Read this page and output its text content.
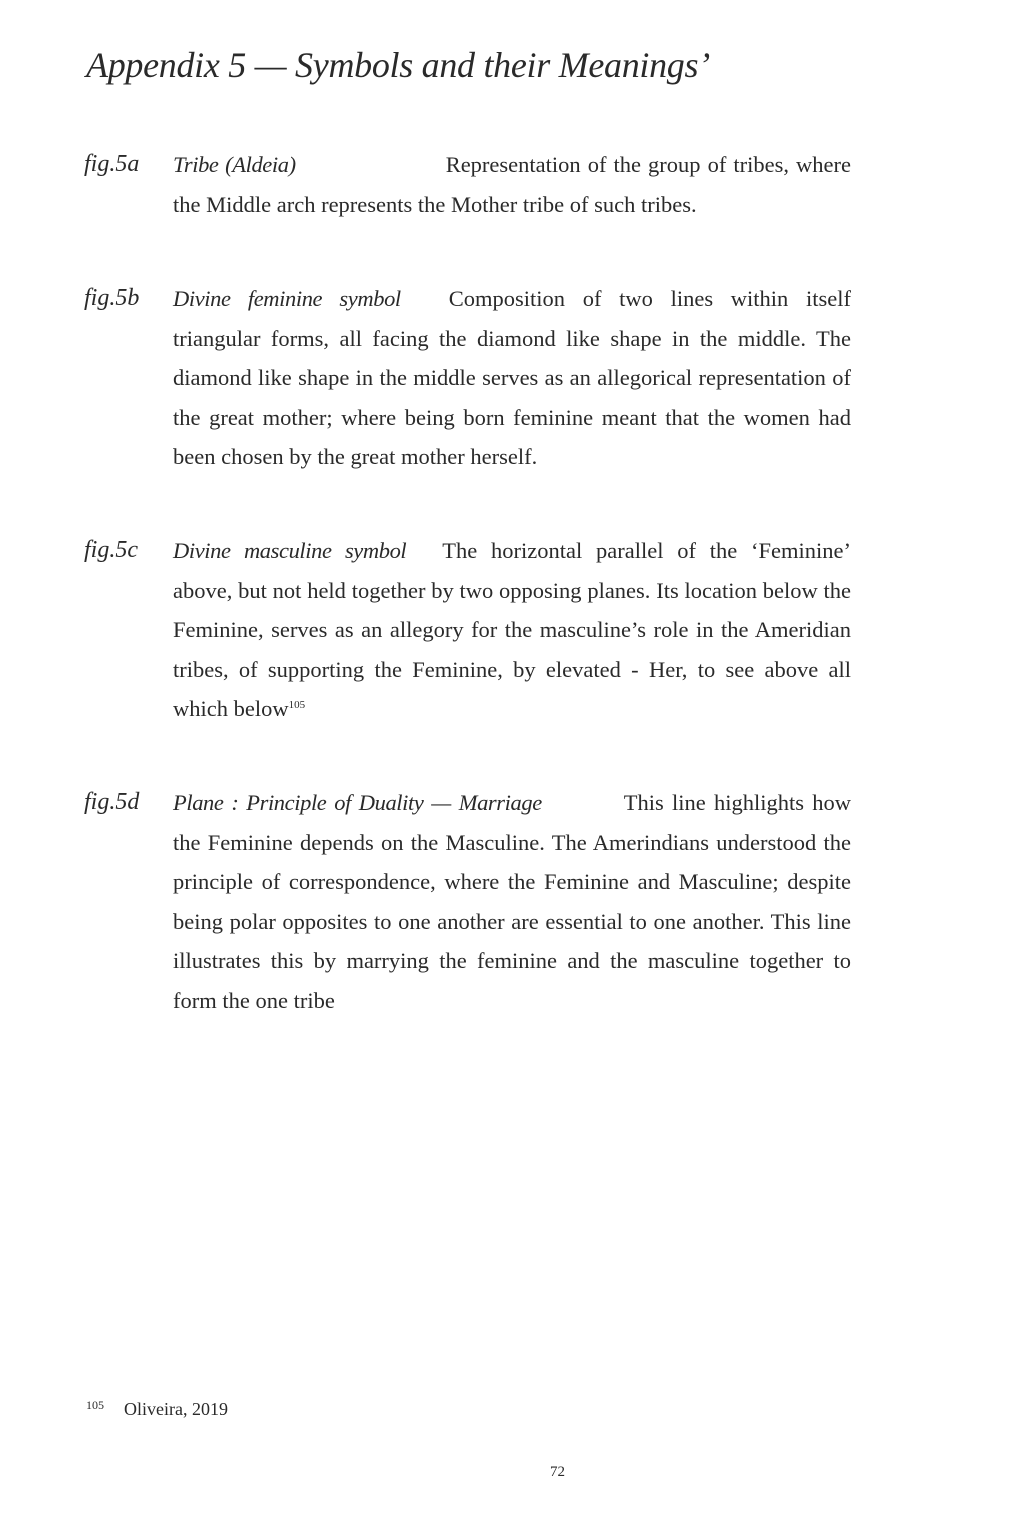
Appendix 5 — Symbols and their Meanings’
fig.5a Tribe (Aldeia)	Representation of the group of tribes, where the Middle arch represents the Mother tribe of such tribes.

fig.5b Divine feminine symbol Composition of two lines within itself triangular forms, all facing the diamond like shape in the middle. The diamond like shape in the middle serves as an allegorical representation of the great mother; where being born feminine meant that the women had been chosen by the great mother herself.

fig.5c Divine masculine symbol The horizontal parallel of the ‘Feminine’ above, but not held together by two opposing planes. Its location below the Feminine, serves as an allegory for the masculine’s role in the Ameridian tribes, of supporting the Feminine, by elevated - Her, to see above all which below$^{105}$

fig.5d Plane : Principle of Duality — Marriage	This line highlights how the Feminine depends on the Masculine. The Amerindians understood the principle of correspondence, where the Feminine and Masculine; despite being polar opposites to one another are essential to one another. This line illustrates this by marrying the feminine and the masculine together to form the one tribe

$^{105}$ Oliveira, 2019
72
